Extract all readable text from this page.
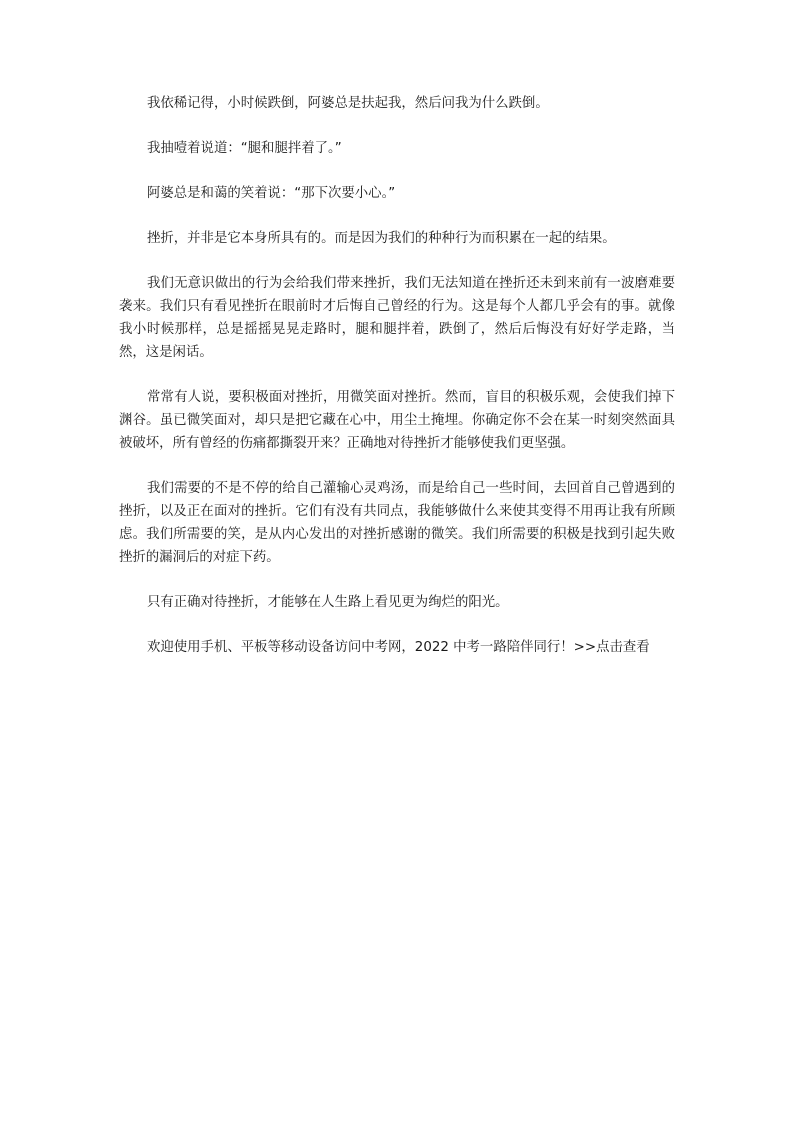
我依稀记得，小时候跌倒，阿婆总是扶起我，然后问我为什么跌倒。

我抽噎着说道：“腿和腿拌着了。”

阿婆总是和蔼的笑着说：“那下次要小心。”

挫折，并非是它本身所具有的。而是因为我们的种种行为而积累在一起的结果。

我们无意识做出的行为会给我们带来挫折，我们无法知道在挫折还未到来前有一波磨难要袭来。我们只有看见挫折在眼前时才后悔自己曾经的行为。这是每个人都几乎会有的事。就像我小时候那样，总是摇摇晃晃走路时，腿和腿拌着，跌倒了，然后后悔没有好好学走路，当然，这是闲话。

常常有人说，要积极面对挫折，用微笑面对挫折。然而，盲目的积极乐观，会使我们掉下渊谷。虽已微笑面对，却只是把它藏在心中，用尘土掩埋。你确定你不会在某一时刻突然面具被破坏，所有曾经的伤痛都撕裂开来？正确地对待挫折才能够使我们更坚强。

我们需要的不是不停的给自己灌输心灵鸡汤，而是给自己一些时间，去回首自己曾遇到的挫折，以及正在面对的挫折。它们有没有共同点，我能够做什么来使其变得不用再让我有所顾虑。我们所需要的笑，是从内心发出的对挫折感谢的微笑。我们所需要的积极是找到引起失败挫折的漏洞后的对症下药。

只有正确对待挫折，才能够在人生路上看见更为绚烂的阳光。

欢迎使用手机、平板等移动设备访问中考网，2022 中考一路陪伴同行！>>点击查看
